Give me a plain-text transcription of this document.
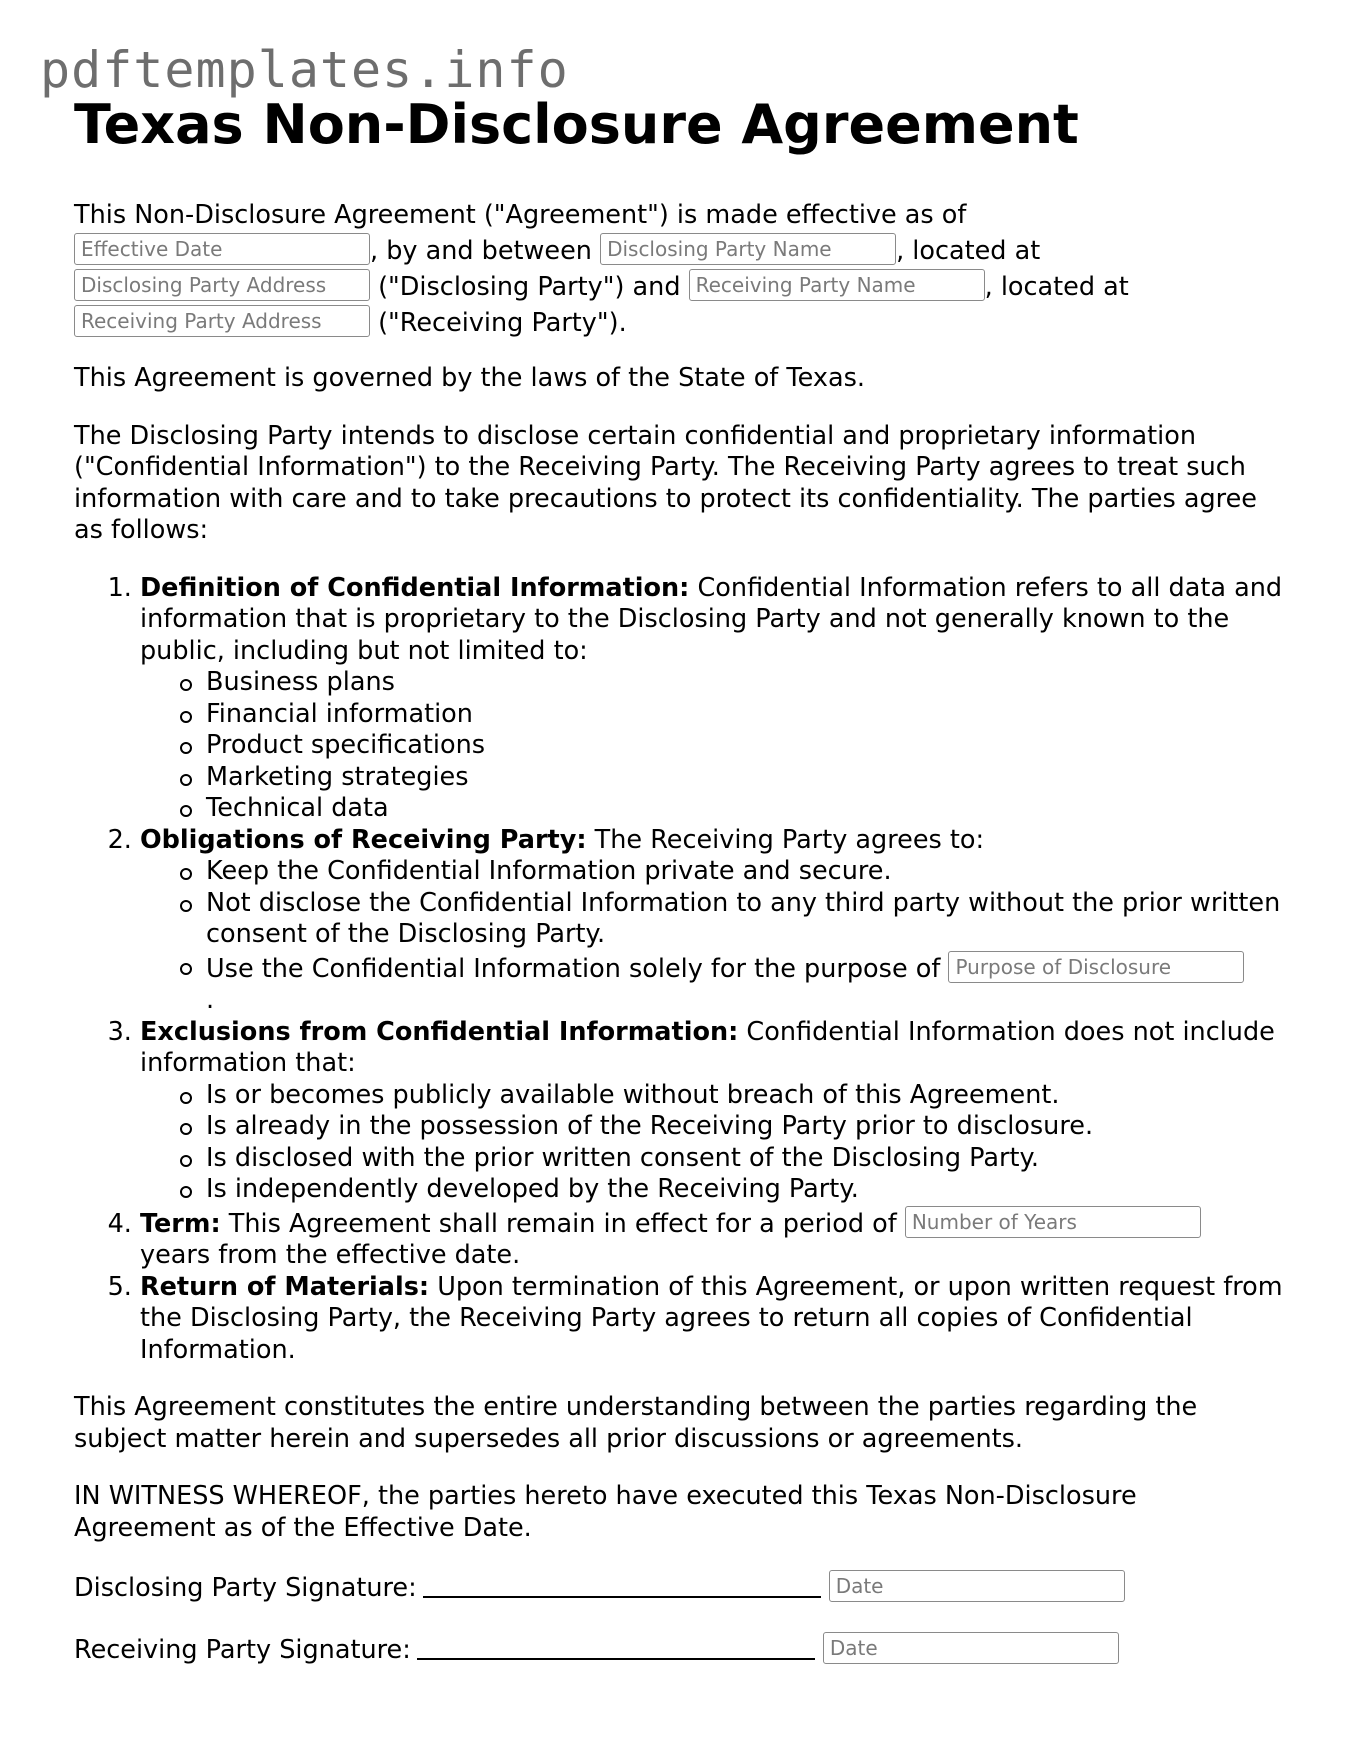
pdftemplates.info
Texas Non-Disclosure Agreement

This Non-Disclosure Agreement ("Agreement") is made effective as of
Effective Date	, by and between Disclosing Party Name	, located at
Disclosing Party Address ("Disclosing Party") and Receiving Party Name	, located at
Receiving Party Address ("Receiving Party").

This Agreement is governed by the laws of the State of Texas.

The Disclosing Party intends to disclose certain confidential and proprietary information ("Confidential Information") to the Receiving Party. The Receiving Party agrees to treat such information with care and to take precautions to protect its confidentiality. The parties agree as follows:

1. Definition of Confidential Information: Confidential Information refers to all data and information that is proprietary to the Disclosing Party and not generally known to the public, including but not limited to:
Business plans
Financial information
Product specifications
Marketing strategies
Technical data
2. Obligations of Receiving Party: The Receiving Party agrees to:
Keep the Confidential Information private and secure.
Not disclose the Confidential Information to any third party without the prior written consent of the Disclosing Party.
Use the Confidential Information solely for the purpose of Purpose of Disclosure
.
3. Exclusions from Confidential Information: Confidential Information does not include information that:
Is or becomes publicly available without breach of this Agreement.
Is already in the possession of the Receiving Party prior to disclosure.
Is disclosed with the prior written consent of the Disclosing Party.
Is independently developed by the Receiving Party.
4. Term: This Agreement shall remain in effect for a period of Number of Years
years from the effective date.
5. Return of Materials: Upon termination of this Agreement, or upon written request from the Disclosing Party, the Receiving Party agrees to return all copies of Confidential Information.

This Agreement constitutes the entire understanding between the parties regarding the subject matter herein and supersedes all prior discussions or agreements.

IN WITNESS WHEREOF, the parties hereto have executed this Texas Non-Disclosure Agreement as of the Effective Date.

Disclosing Party Signature:	Date
Receiving Party Signature:	Date
